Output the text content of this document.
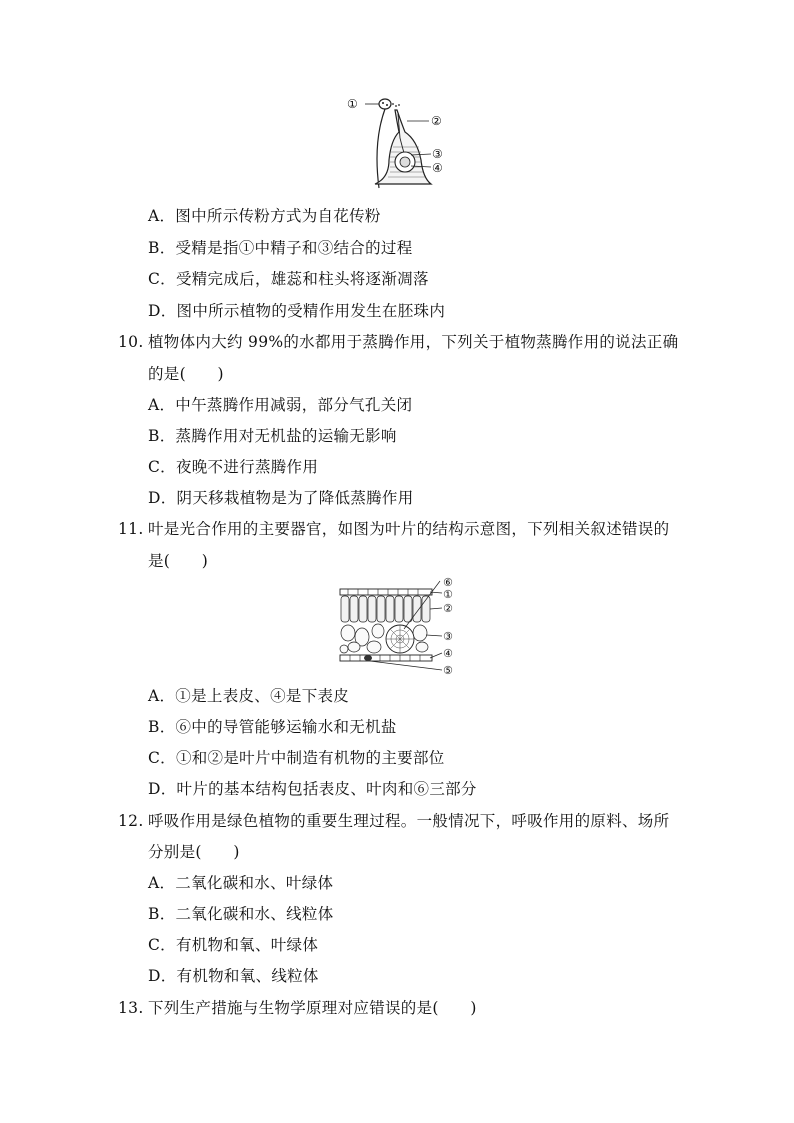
①
②
③
④
A．图中所示传粉方式为自花传粉
B．受精是指①中精子和③结合的过程
C．受精完成后，雄蕊和柱头将逐渐凋落
D．图中所示植物的受精作用发生在胚珠内
10. 植物体内大约 99%的水都用于蒸腾作用，下列关于植物蒸腾作用的说法正确
的是(　　)
A．中午蒸腾作用减弱，部分气孔关闭
B．蒸腾作用对无机盐的运输无影响
C．夜晚不进行蒸腾作用
D．阴天移栽植物是为了降低蒸腾作用
11. 叶是光合作用的主要器官，如图为叶片的结构示意图，下列相关叙述错误的
是(　　)
⑥
①
②
③
④
⑤
A．①是上表皮、④是下表皮
B．⑥中的导管能够运输水和无机盐
C．①和②是叶片中制造有机物的主要部位
D．叶片的基本结构包括表皮、叶肉和⑥三部分
12. 呼吸作用是绿色植物的重要生理过程。一般情况下，呼吸作用的原料、场所
分别是(　　)
A．二氧化碳和水、叶绿体
B．二氧化碳和水、线粒体
C．有机物和氧、叶绿体
D．有机物和氧、线粒体
13. 下列生产措施与生物学原理对应错误的是(　　)
